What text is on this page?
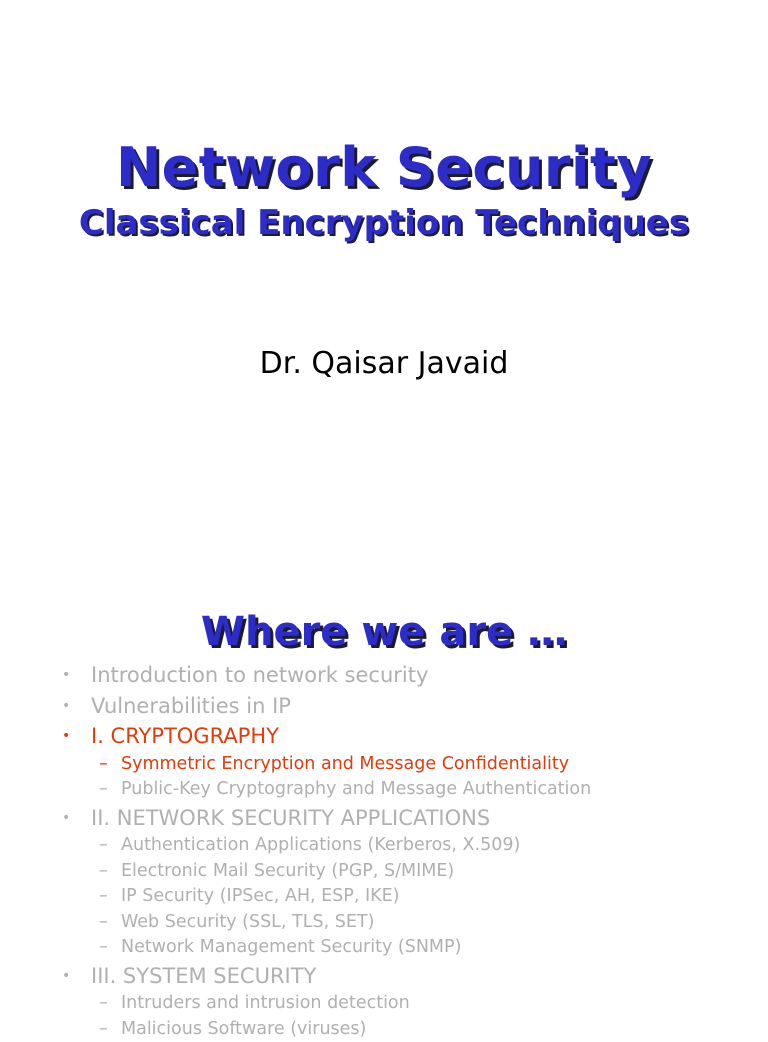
Network Security
Classical Encryption Techniques
Dr. Qaisar Javaid
Where we are …
• Introduction to network security
• Vulnerabilities in IP
• I. CRYPTOGRAPHY
– Symmetric Encryption and Message Confidentiality
– Public-Key Cryptography and Message Authentication
• II. NETWORK SECURITY APPLICATIONS
– Authentication Applications (Kerberos, X.509)
– Electronic Mail Security (PGP, S/MIME)
– IP Security (IPSec, AH, ESP, IKE)
– Web Security (SSL, TLS, SET)
– Network Management Security (SNMP)
• III. SYSTEM SECURITY
– Intruders and intrusion detection
– Malicious Software (viruses)
